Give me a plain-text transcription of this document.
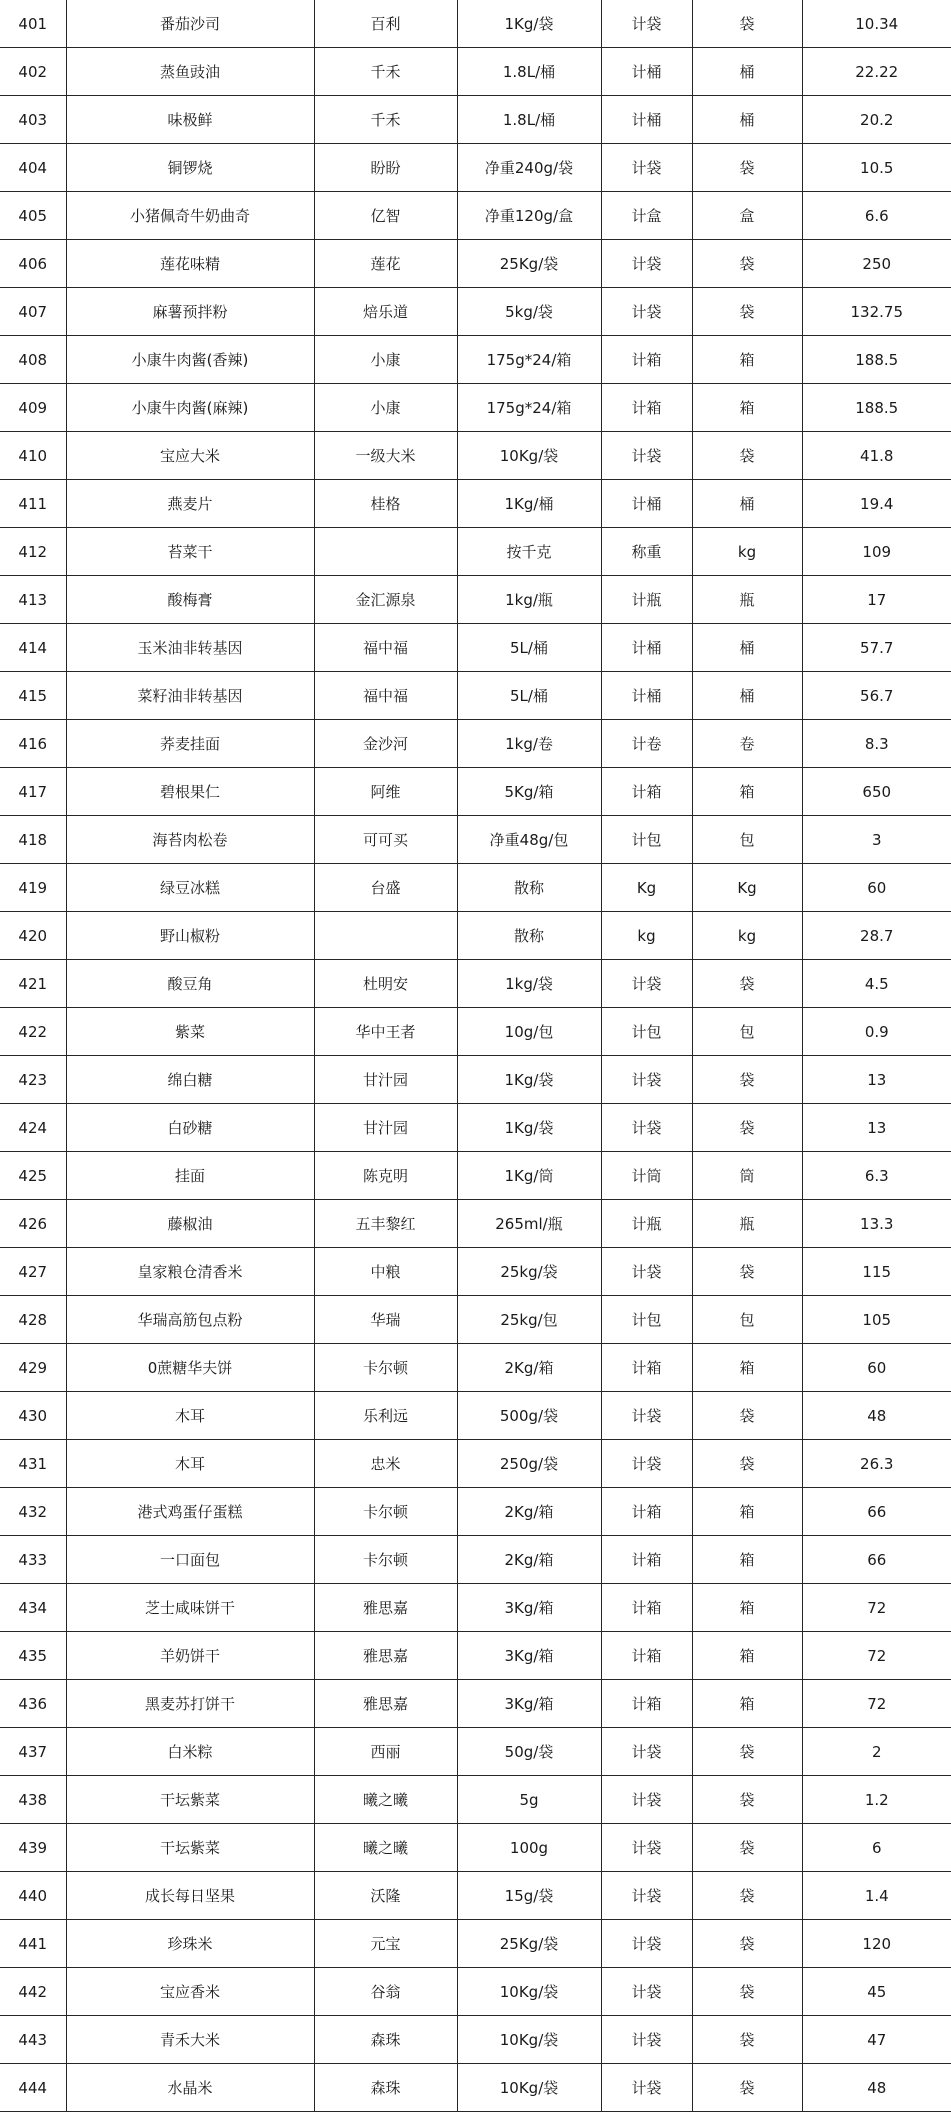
401	番茄沙司	百利	1Kg/袋	计袋	袋	10.34
402	蒸鱼豉油	千禾	1.8L/桶	计桶	桶	22.22
403	味极鲜	千禾	1.8L/桶	计桶	桶	20.2
404	铜锣烧	盼盼	净重240g/袋	计袋	袋	10.5
405	小猪佩奇牛奶曲奇	亿智	净重120g/盒	计盒	盒	6.6
406	莲花味精	莲花	25Kg/袋	计袋	袋	250
407	麻薯预拌粉	焙乐道	5kg/袋	计袋	袋	132.75
408	小康牛肉酱(香辣)	小康	175g*24/箱	计箱	箱	188.5
409	小康牛肉酱(麻辣)	小康	175g*24/箱	计箱	箱	188.5
410	宝应大米	一级大米	10Kg/袋	计袋	袋	41.8
411	燕麦片	桂格	1Kg/桶	计桶	桶	19.4
412	苔菜干		按千克	称重	kg	109
413	酸梅膏	金汇源泉	1kg/瓶	计瓶	瓶	17
414	玉米油非转基因	福中福	5L/桶	计桶	桶	57.7
415	菜籽油非转基因	福中福	5L/桶	计桶	桶	56.7
416	荞麦挂面	金沙河	1kg/卷	计卷	卷	8.3
417	碧根果仁	阿维	5Kg/箱	计箱	箱	650
418	海苔肉松卷	可可买	净重48g/包	计包	包	3
419	绿豆冰糕	台盛	散称	Kg	Kg	60
420	野山椒粉		散称	kg	kg	28.7
421	酸豆角	杜明安	1kg/袋	计袋	袋	4.5
422	紫菜	华中王者	10g/包	计包	包	0.9
423	绵白糖	甘汁园	1Kg/袋	计袋	袋	13
424	白砂糖	甘汁园	1Kg/袋	计袋	袋	13
425	挂面	陈克明	1Kg/筒	计筒	筒	6.3
426	藤椒油	五丰黎红	265ml/瓶	计瓶	瓶	13.3
427	皇家粮仓清香米	中粮	25kg/袋	计袋	袋	115
428	华瑞高筋包点粉	华瑞	25kg/包	计包	包	105
429	0蔗糖华夫饼	卡尔顿	2Kg/箱	计箱	箱	60
430	木耳	乐利远	500g/袋	计袋	袋	48
431	木耳	忠米	250g/袋	计袋	袋	26.3
432	港式鸡蛋仔蛋糕	卡尔顿	2Kg/箱	计箱	箱	66
433	一口面包	卡尔顿	2Kg/箱	计箱	箱	66
434	芝士咸味饼干	雅思嘉	3Kg/箱	计箱	箱	72
435	羊奶饼干	雅思嘉	3Kg/箱	计箱	箱	72
436	黑麦苏打饼干	雅思嘉	3Kg/箱	计箱	箱	72
437	白米粽	西丽	50g/袋	计袋	袋	2
438	干坛紫菜	曦之曦	5g	计袋	袋	1.2
439	干坛紫菜	曦之曦	100g	计袋	袋	6
440	成长每日坚果	沃隆	15g/袋	计袋	袋	1.4
441	珍珠米	元宝	25Kg/袋	计袋	袋	120
442	宝应香米	谷翁	10Kg/袋	计袋	袋	45
443	青禾大米	森珠	10Kg/袋	计袋	袋	47
444	水晶米	森珠	10Kg/袋	计袋	袋	48
